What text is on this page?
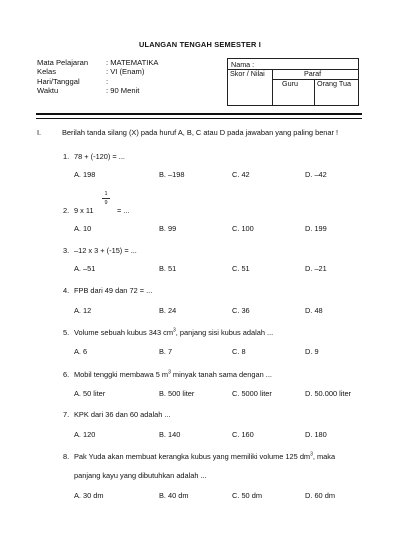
ULANGAN TENGAH SEMESTER I
Mata Pelajaran : MATEMATIKA
Kelas	: VI (Enam)
Hari/Tanggal	:
Waktu	: 90 Menit
Nama :
Skor / Nilai	Paraf
Guru	Orang Tua
I.	Berilah tanda silang (X) pada huruf A, B, C atau D pada jawaban yang paling benar !
1. 78 + (-120) = ...
A. 198	B. –198	C. 42	D. –42
2. 9 x 11
1
9
= ...
A. 10	B. 99	C. 100	D. 199
3. –12 x 3 + (-15) = ...
A. –51	B. 51	C. 51	D. –21
4. FPB dari 49 dan 72 = ...
A. 12	B. 24	C. 36	D. 48
5. Volume sebuah kubus 343 $cm^3$, panjang sisi kubus adalah ...
A. 6	B. 7	C. 8	D. 9
6. Mobil tenggki membawa 5 $m^3$ minyak tanah sama dengan ...
A. 50 liter	B. 500 liter	C. 5000 liter	D. 50.000 liter
7. KPK dari 36 dan 60 adalah ...
A. 120	B. 140	C. 160	D. 180
8. Pak Yuda akan membuat kerangka kubus yang memiliki volume 125 $dm^3$, maka
panjang kayu yang dibutuhkan adalah ...
A. 30 dm	B. 40 dm	C. 50 dm	D. 60 dm
